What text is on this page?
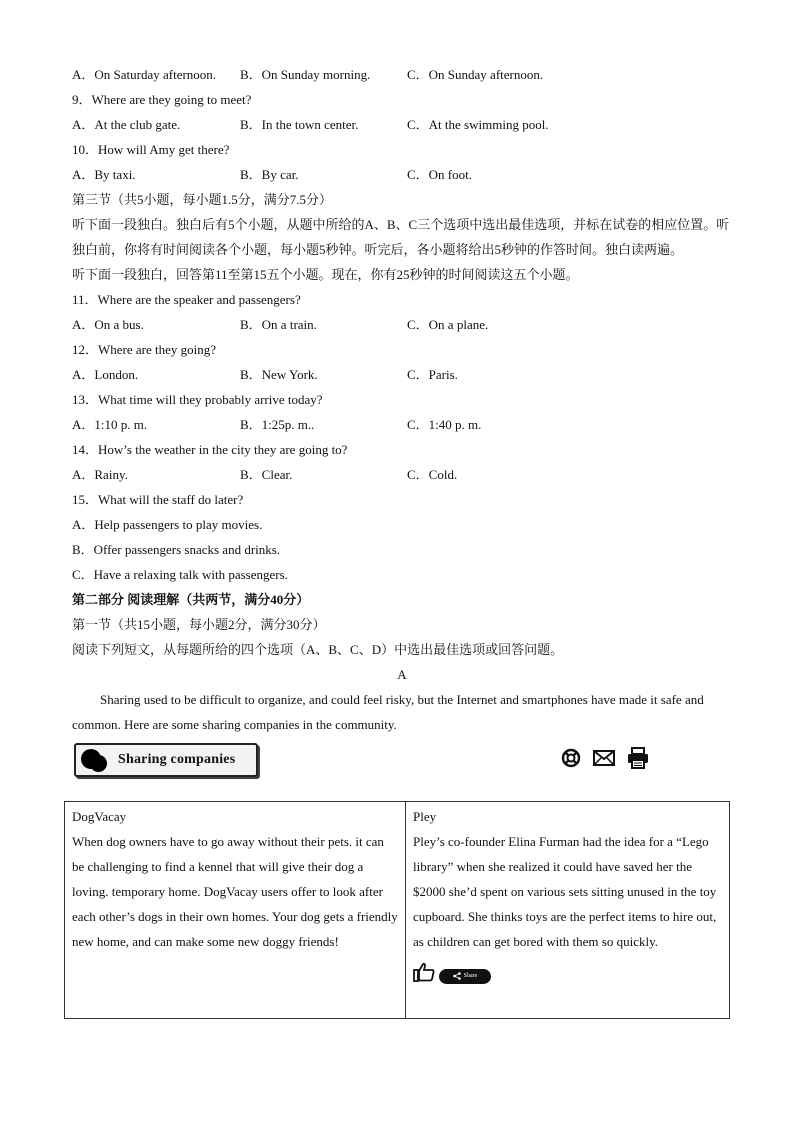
A．On Saturday afternoon.	B．On Sunday morning.	C．On Sunday afternoon.
9．Where are they going to meet?
A．At the club gate.	B．In the town center.	C．At the swimming pool.
10．How will Amy get there?
A．By taxi.	B．By car.	C．On foot.
第三节（共5小题，每小题1.5分，满分7.5分）
听下面一段独白。独白后有5个小题，从题中所给的A、B、C三个选项中选出最佳选项，并标在试卷的相应位置。听独白前，你将有时间阅读各个小题，每小题5秒钟。听完后，各小题将给出5秒钟的作答时间。独白读两遍。
听下面一段独白，回答第11至第15五个小题。现在，你有25秒钟的时间阅读这五个小题。
11．Where are the speaker and passengers?
A．On a bus.	B．On a train.	C．On a plane.
12．Where are they going?
A．London.	B．New York.	C．Paris.
13．What time will they probably arrive today?
A．1:10 p. m.	B．1:25p. m..	C．1:40 p. m.
14．How’s the weather in the city they are going to?
A．Rainy.	B．Clear.	C．Cold.
15．What will the staff do later?
A．Help passengers to play movies.
B．Offer passengers snacks and drinks.
C．Have a relaxing talk with passengers.
第二部分 阅读理解（共两节，满分40分）
第一节（共15小题，每小题2分，满分30分）
阅读下列短文，从每题所给的四个选项（A、B、C、D）中选出最佳选项或回答问题。
A
Sharing used to be difficult to organize, and could feel risky, but the Internet and smartphones have made it safe and common. Here are some sharing companies in the community.
Sharing companies
DogVacay
When dog owners have to go away without their pets. it can be challenging to find a kennel that will give their dog a loving. temporary home. DogVacay users offer to look after each other’s dogs in their own homes. Your dog gets a friendly new home, and can make some new doggy friends!

Pley
Pley’s co-founder Elina Furman had the idea for a “Lego library” when she realized it could have saved her the $2000 she’d spent on various sets sitting unused in the toy cupboard. She thinks toys are the perfect items to hire out, as children can get bored with them so quickly.
Share
